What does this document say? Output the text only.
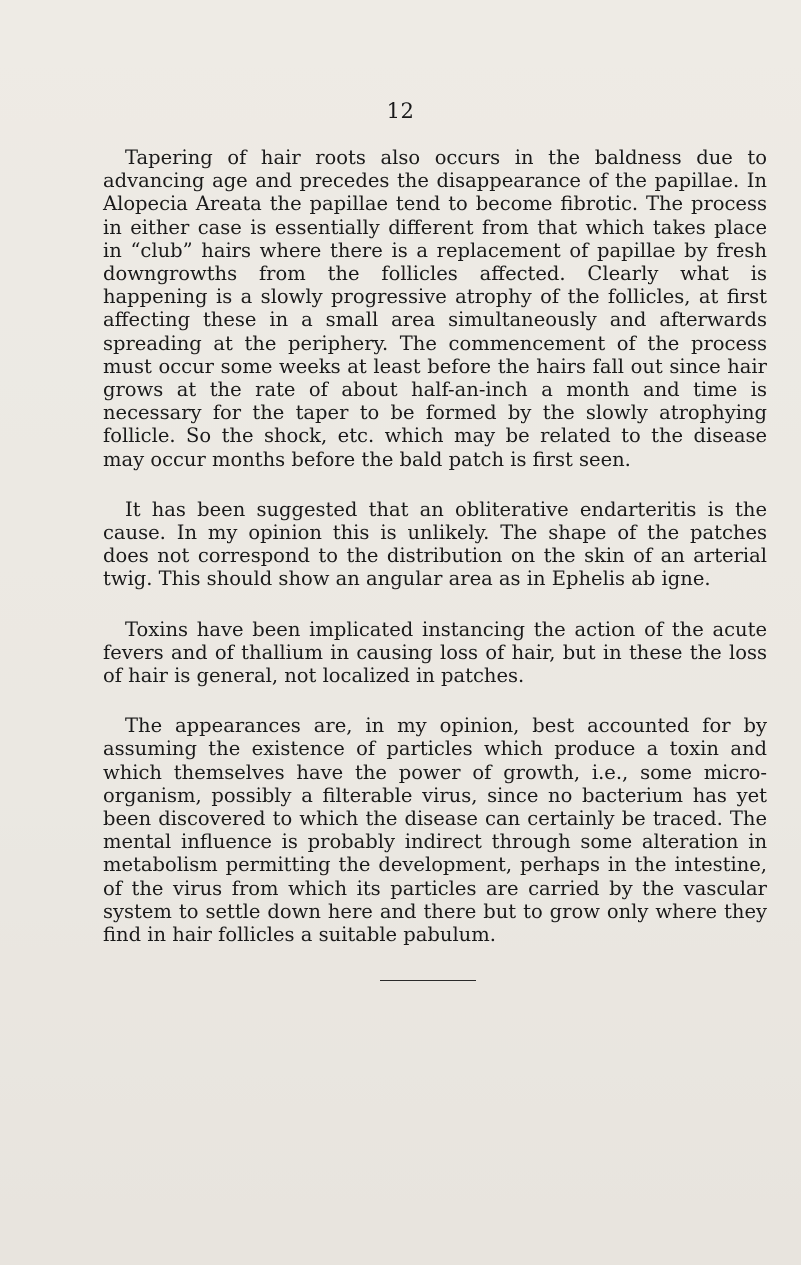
12

Tapering of hair roots also occurs in the baldness due to advancing age and precedes the disappearance of the papillae. In Alopecia Areata the papillae tend to become fibrotic. The process in either case is essentially different from that which takes place in “club” hairs where there is a replacement of papillae by fresh downgrowths from the follicles affected. Clearly what is happening is a slowly progressive atrophy of the follicles, at first affecting these in a small area simultaneously and afterwards spreading at the periphery. The commencement of the process must occur some weeks at least before the hairs fall out since hair grows at the rate of about half-an-inch a month and time is necessary for the taper to be formed by the slowly atrophying follicle. So the shock, etc. which may be related to the disease may occur months before the bald patch is first seen.

It has been suggested that an obliterative endarteritis is the cause. In my opinion this is unlikely. The shape of the patches does not correspond to the distribution on the skin of an arterial twig. This should show an angular area as in Ephelis ab igne.

Toxins have been implicated instancing the action of the acute fevers and of thallium in causing loss of hair, but in these the loss of hair is general, not localized in patches.

The appearances are, in my opinion, best accounted for by assuming the existence of particles which produce a toxin and which themselves have the power of growth, i.e., some micro-organism, possibly a filterable virus, since no bacterium has yet been discovered to which the disease can certainly be traced. The mental influence is probably indirect through some alteration in metabolism permitting the development, perhaps in the intestine, of the virus from which its particles are carried by the vascular system to settle down here and there but to grow only where they find in hair follicles a suitable pabulum.
